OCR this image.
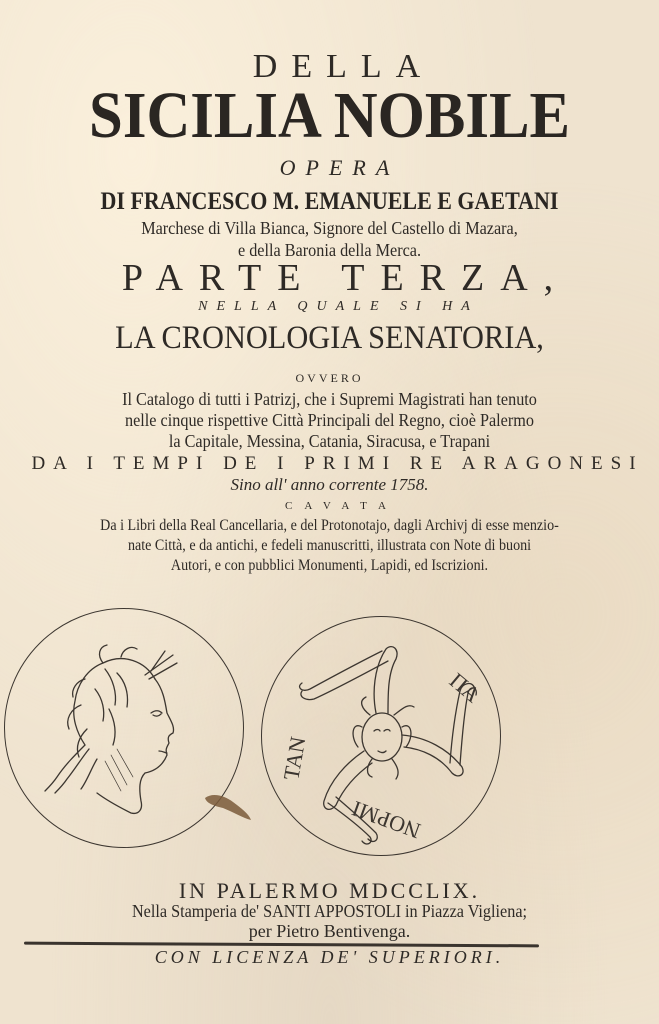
DELLA
SICILIA NOBILE
OPERA
DI FRANCESCO M. EMANUELE E GAETANI
Marchese di Villa Bianca, Signore del Castello di Mazara,
e della Baronia della Merca.
PARTE TERZA,
NELLA QUALE SI HA
LA CRONOLOGIA SENATORIA,
OVVERO
Il Catalogo di tutti i Patrizj, che i Supremi Magistrati han tenuto
nelle cinque rispettive Città Principali del Regno, cioè Palermo
la Capitale, Messina, Catania, Siracusa, e Trapani
DA I TEMPI DE I PRIMI RE ARAGONESI
Sino all' anno corrente 1758.
CAVATA
Da i Libri della Real Cancellaria, e del Protonotajo, dagli Archivj di esse menzio-
nate Città, e da antichi, e fedeli manuscritti, illustrata con Note di buoni
Autori, e con pubblici Monumenti, Lapidi, ed Iscrizioni.
ΠΑ
NOPMI
TAN
IN PALERMO MDCCLIX.
Nella Stamperia de' SANTI APPOSTOLI in Piazza Vigliena;
per Pietro Bentivenga.
CON LICENZA DE' SUPERIORI.
